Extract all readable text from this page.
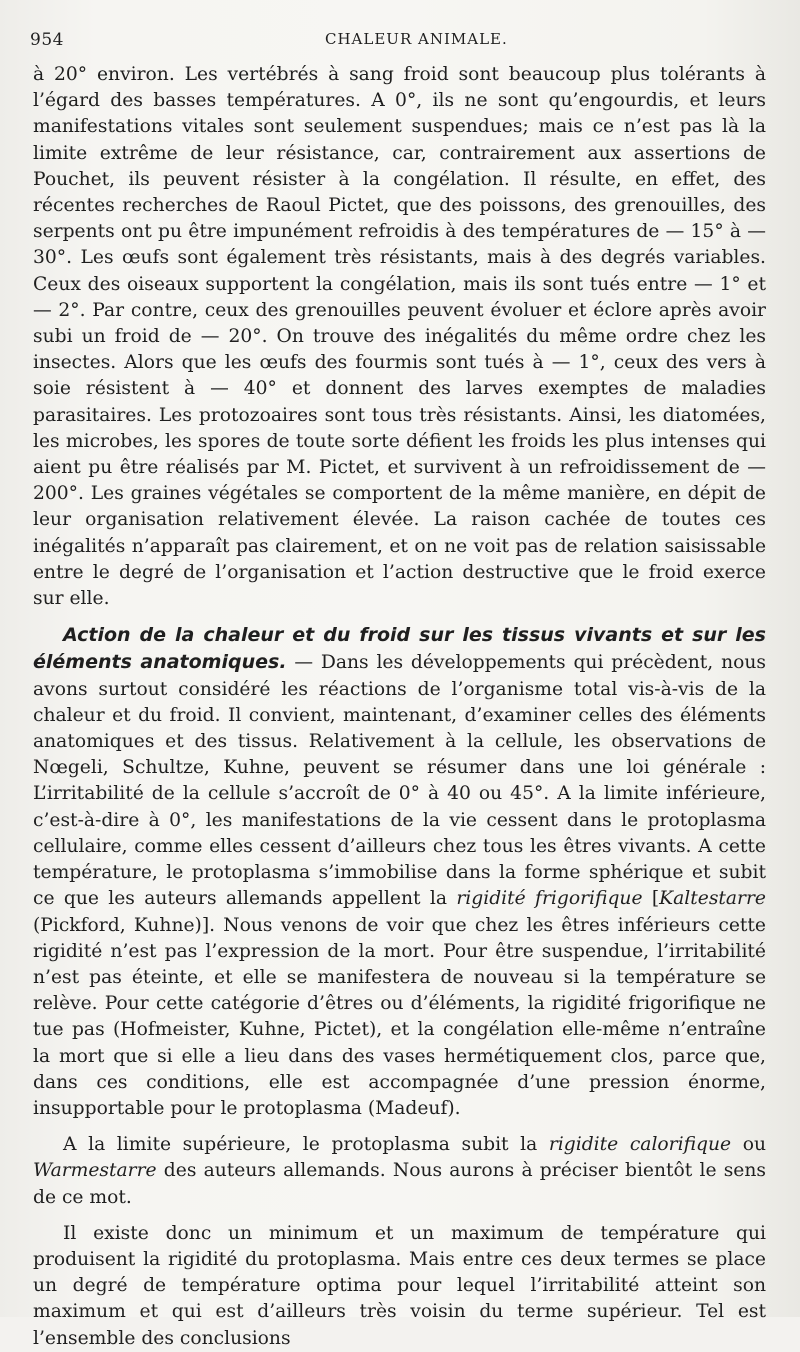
954	CHALEUR ANIMALE.

à 20° environ. Les vertébrés à sang froid sont beaucoup plus tolérants à l’égard des basses températures. A 0°, ils ne sont qu’engourdis, et leurs manifestations vitales sont seulement suspendues; mais ce n’est pas là la limite extrême de leur résistance, car, contrairement aux assertions de Pouchet, ils peuvent résister à la congélation. Il résulte, en effet, des récentes recherches de Raoul Pictet, que des poissons, des grenouilles, des serpents ont pu être impunément refroidis à des températures de — 15° à — 30°. Les œufs sont également très résistants, mais à des degrés variables. Ceux des oiseaux supportent la congélation, mais ils sont tués entre — 1° et — 2°. Par contre, ceux des grenouilles peuvent évoluer et éclore après avoir subi un froid de — 20°. On trouve des inégalités du même ordre chez les insectes. Alors que les œufs des fourmis sont tués à — 1°, ceux des vers à soie résistent à — 40° et donnent des larves exemptes de maladies parasitaires. Les protozoaires sont tous très résistants. Ainsi, les diatomées, les microbes, les spores de toute sorte défient les froids les plus intenses qui aient pu être réalisés par M. Pictet, et survivent à un refroidissement de — 200°. Les graines végétales se comportent de la même manière, en dépit de leur organisation relativement élevée. La raison cachée de toutes ces inégalités n’apparaît pas clairement, et on ne voit pas de relation saisissable entre le degré de l’organisation et l’action destructive que le froid exerce sur elle.

Action de la chaleur et du froid sur les tissus vivants et sur les éléments anatomiques. — Dans les développements qui précèdent, nous avons surtout considéré les réactions de l’organisme total vis-à-vis de la chaleur et du froid. Il convient, maintenant, d’examiner celles des éléments anatomiques et des tissus. Relativement à la cellule, les observations de Nœgeli, Schultze, Kuhne, peuvent se résumer dans une loi générale : L’irritabilité de la cellule s’accroît de 0° à 40 ou 45°. A la limite inférieure, c’est-à-dire à 0°, les manifestations de la vie cessent dans le protoplasma cellulaire, comme elles cessent d’ailleurs chez tous les êtres vivants. A cette température, le protoplasma s’immobilise dans la forme sphérique et subit ce que les auteurs allemands appellent la rigidité frigorifique [Kaltestarre (Pickford, Kuhne)]. Nous venons de voir que chez les êtres inférieurs cette rigidité n’est pas l’expression de la mort. Pour être suspendue, l’irritabilité n’est pas éteinte, et elle se manifestera de nouveau si la température se relève. Pour cette catégorie d’êtres ou d’éléments, la rigidité frigorifique ne tue pas (Hofmeister, Kuhne, Pictet), et la congélation elle-même n’entraîne la mort que si elle a lieu dans des vases hermétiquement clos, parce que, dans ces conditions, elle est accompagnée d’une pression énorme, insupportable pour le protoplasma (Madeuf).

A la limite supérieure, le protoplasma subit la rigidite calorifique ou Warmestarre des auteurs allemands. Nous aurons à préciser bientôt le sens de ce mot.

Il existe donc un minimum et un maximum de température qui produisent la rigidité du protoplasma. Mais entre ces deux termes se place un degré de température optima pour lequel l’irritabilité atteint son maximum et qui est d’ailleurs très voisin du terme supérieur. Tel est l’ensemble des conclusions
